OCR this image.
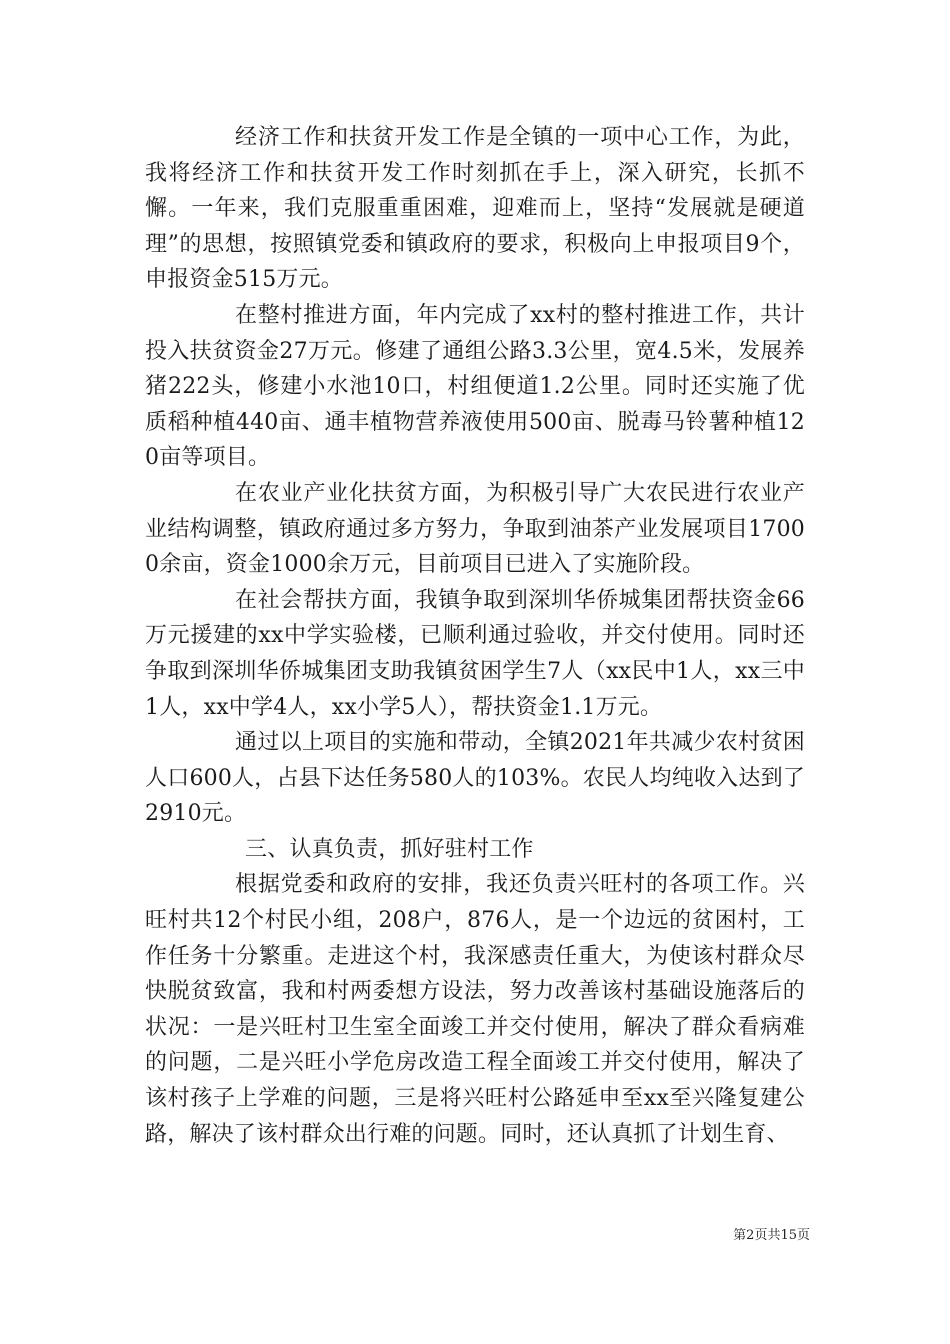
经济工作和扶贫开发工作是全镇的一项中心工作，为此，我将经济工作和扶贫开发工作时刻抓在手上，深入研究，长抓不懈。一年来，我们克服重重困难，迎难而上，坚持“发展就是硬道理”的思想，按照镇党委和镇政府的要求，积极向上申报项目9个，申报资金515万元。

在整村推进方面，年内完成了xx村的整村推进工作，共计投入扶贫资金27万元。修建了通组公路3.3公里，宽4.5米，发展养猪222头，修建小水池10口，村组便道1.2公里。同时还实施了优质稻种植440亩、通丰植物营养液使用500亩、脱毒马铃薯种植120亩等项目。

在农业产业化扶贫方面，为积极引导广大农民进行农业产业结构调整，镇政府通过多方努力，争取到油茶产业发展项目17000余亩，资金1000余万元，目前项目已进入了实施阶段。

在社会帮扶方面，我镇争取到深圳华侨城集团帮扶资金66万元援建的xx中学实验楼，已顺利通过验收，并交付使用。同时还争取到深圳华侨城集团支助我镇贫困学生7人（xx民中1人，xx三中1人，xx中学4人，xx小学5人），帮扶资金1.1万元。

通过以上项目的实施和带动，全镇2021年共减少农村贫困人口600人，占县下达任务580人的103%。农民人均纯收入达到了2910元。

三、认真负责，抓好驻村工作

根据党委和政府的安排，我还负责兴旺村的各项工作。兴旺村共12个村民小组，208户，876人，是一个边远的贫困村，工作任务十分繁重。走进这个村，我深感责任重大，为使该村群众尽快脱贫致富，我和村两委想方设法，努力改善该村基础设施落后的状况：一是兴旺村卫生室全面竣工并交付使用，解决了群众看病难的问题，二是兴旺小学危房改造工程全面竣工并交付使用，解决了该村孩子上学难的问题，三是将兴旺村公路延申至xx至兴隆复建公路，解决了该村群众出行难的问题。同时，还认真抓了计划生育、

第2页共15页
